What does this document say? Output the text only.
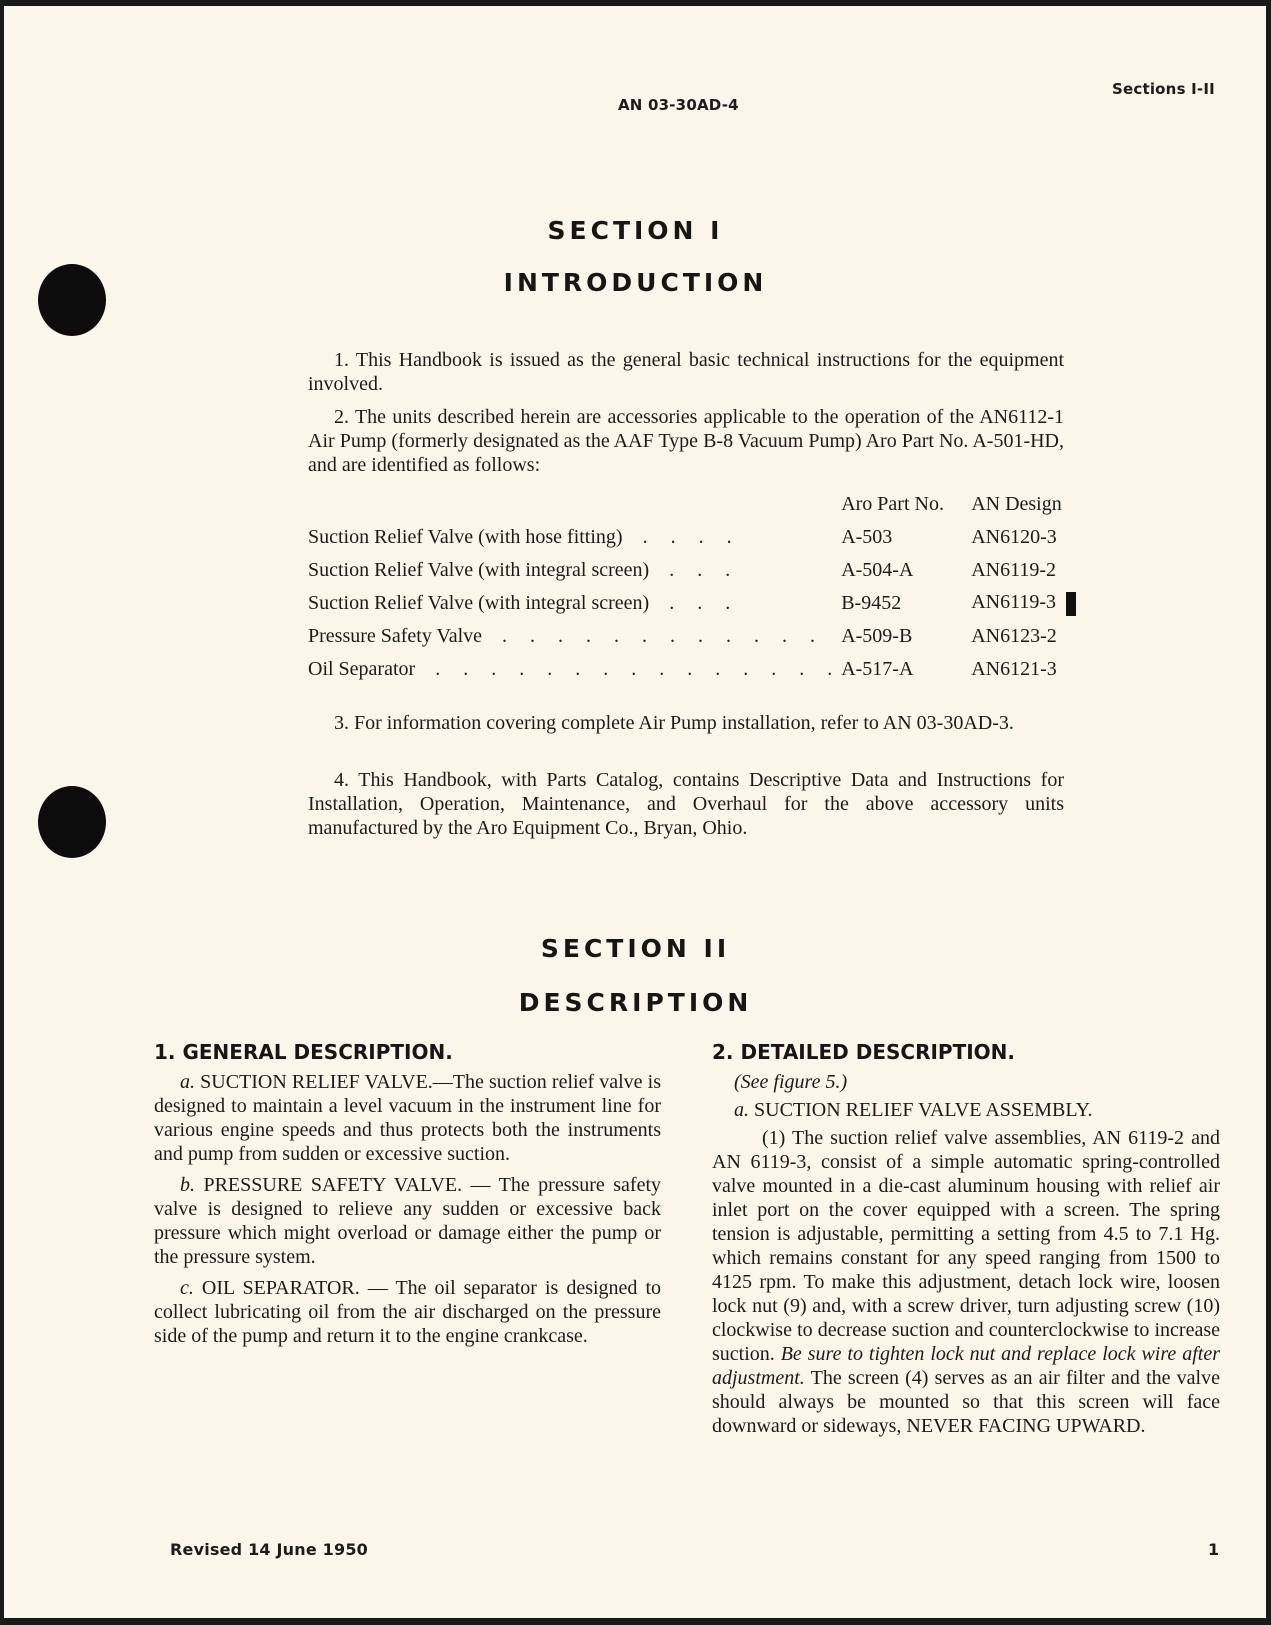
AN 03-30AD-4
Sections I-II
SECTION I
INTRODUCTION
1. This Handbook is issued as the general basic technical instructions for the equipment involved.
2. The units described herein are accessories applicable to the operation of the AN6112-1 Air Pump (formerly designated as the AAF Type B-8 Vacuum Pump) Aro Part No. A-501-HD, and are identified as follows:
	Aro Part No.	AN Design
Suction Relief Valve (with hose fitting) . . . .	A-503	AN6120-3
Suction Relief Valve (with integral screen) . . .	A-504-A	AN6119-2
Suction Relief Valve (with integral screen) . . .	B-9452	AN6119-3
Pressure Safety Valve . . . . . . . . . . . .	A-509-B	AN6123-2
Oil Separator . . . . . . . . . . . . . . .	A-517-A	AN6121-3
3. For information covering complete Air Pump installation, refer to AN 03-30AD-3.
4. This Handbook, with Parts Catalog, contains Descriptive Data and Instructions for Installation, Operation, Maintenance, and Overhaul for the above accessory units manufactured by the Aro Equipment Co., Bryan, Ohio.
SECTION II
DESCRIPTION
1. GENERAL DESCRIPTION.

a. SUCTION RELIEF VALVE.—The suction relief valve is designed to maintain a level vacuum in the instrument line for various engine speeds and thus protects both the instruments and pump from sudden or excessive suction.

b. PRESSURE SAFETY VALVE. — The pressure safety valve is designed to relieve any sudden or excessive back pressure which might overload or damage either the pump or the pressure system.

c. OIL SEPARATOR. — The oil separator is designed to collect lubricating oil from the air discharged on the pressure side of the pump and return it to the engine crankcase.

2. DETAILED DESCRIPTION.

(See figure 5.)

a. SUCTION RELIEF VALVE ASSEMBLY.

(1) The suction relief valve assemblies, AN 6119-2 and AN 6119-3, consist of a simple automatic spring-controlled valve mounted in a die-cast aluminum housing with relief air inlet port on the cover equipped with a screen. The spring tension is adjustable, permitting a setting from 4.5 to 7.1 Hg. which remains constant for any speed ranging from 1500 to 4125 rpm. To make this adjustment, detach lock wire, loosen lock nut (9) and, with a screw driver, turn adjusting screw (10) clockwise to decrease suction and counterclockwise to increase suction. Be sure to tighten lock nut and replace lock wire after adjustment. The screen (4) serves as an air filter and the valve should always be mounted so that this screen will face downward or sideways, NEVER FACING UPWARD.

Revised 14 June 1950	1
